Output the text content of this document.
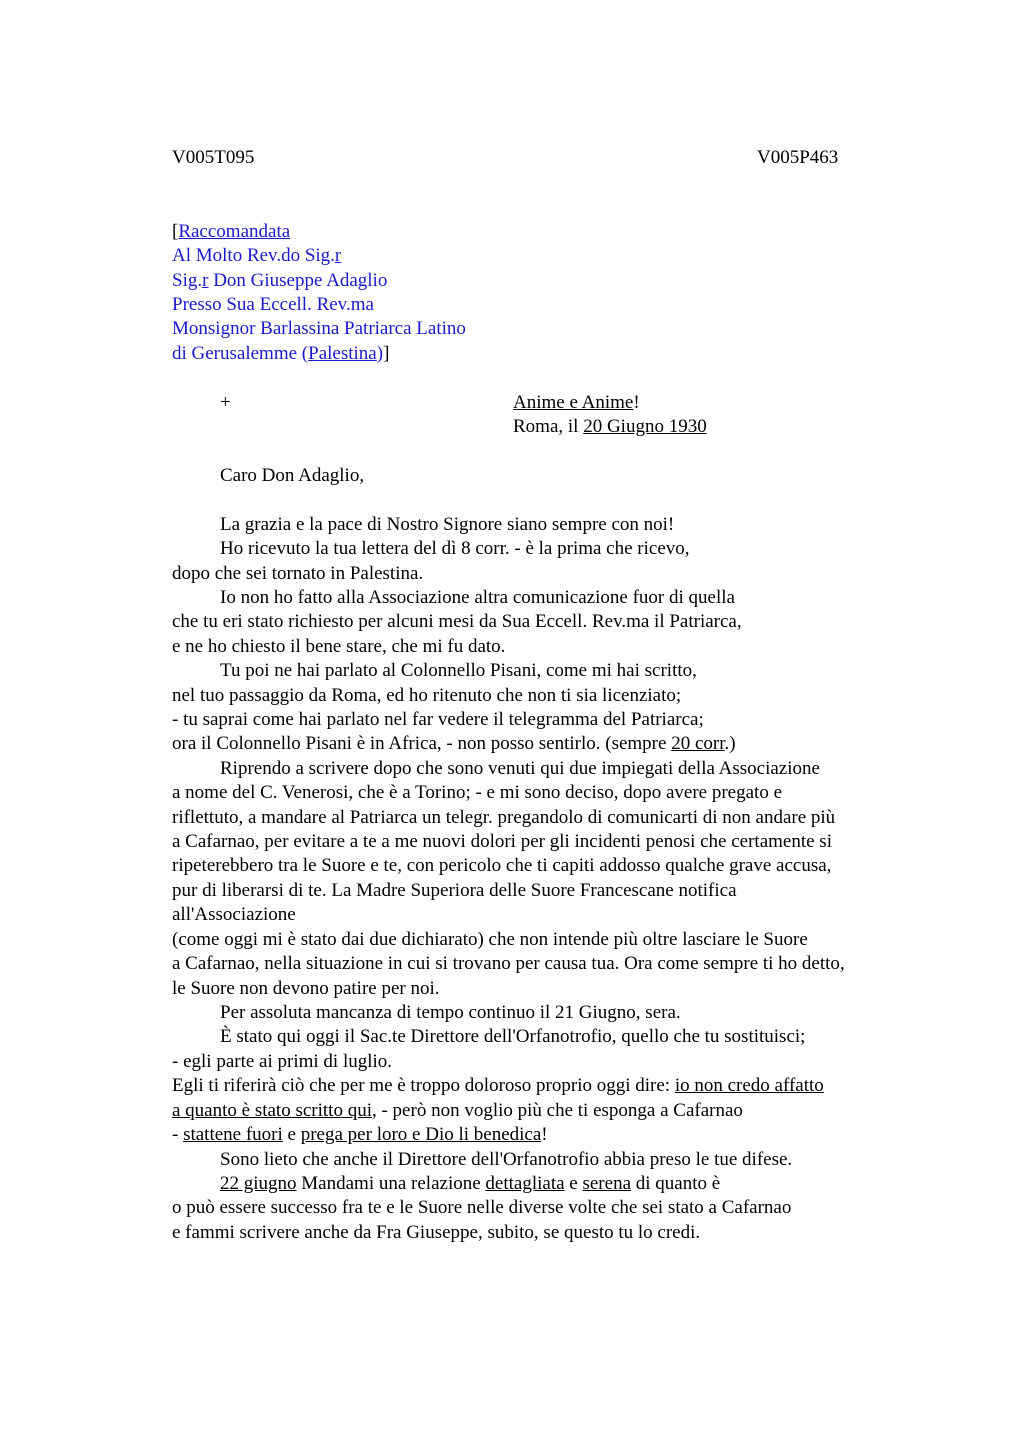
V005T095	V005P463
[Raccomandata
Al Molto Rev.do Sig.r
Sig.r Don Giuseppe Adaglio
Presso Sua Eccell. Rev.ma
Monsignor Barlassina Patriarca Latino
di Gerusalemme (Palestina)]
+	Anime e Anime!
Roma, il 20 Giugno 1930
Caro Don Adaglio,
La grazia e la pace di Nostro Signore siano sempre con noi!
Ho ricevuto la tua lettera del dì 8 corr. - è la prima che ricevo,
dopo che sei tornato in Palestina.
Io non ho fatto alla Associazione altra comunicazione fuor di quella
che tu eri stato richiesto per alcuni mesi da Sua Eccell. Rev.ma il Patriarca,
e ne ho chiesto il bene stare, che mi fu dato.
Tu poi ne hai parlato al Colonnello Pisani, come mi hai scritto,
nel tuo passaggio da Roma, ed ho ritenuto che non ti sia licenziato;
- tu saprai come hai parlato nel far vedere il telegramma del Patriarca;
ora il Colonnello Pisani è in Africa, - non posso sentirlo. (sempre 20 corr.)
Riprendo a scrivere dopo che sono venuti qui due impiegati della Associazione
a nome del C. Venerosi, che è a Torino; - e mi sono deciso, dopo avere pregato e
riflettuto, a mandare al Patriarca un telegr. pregandolo di comunicarti di non andare più
a Cafarnao, per evitare a te a me nuovi dolori per gli incidenti penosi che certamente si
ripeterebbero tra le Suore e te, con pericolo che ti capiti addosso qualche grave accusa,
pur di liberarsi di te. La Madre Superiora delle Suore Francescane notifica
all'Associazione
(come oggi mi è stato dai due dichiarato) che non intende più oltre lasciare le Suore
a Cafarnao, nella situazione in cui si trovano per causa tua. Ora come sempre ti ho detto,
le Suore non devono patire per noi.
Per assoluta mancanza di tempo continuo il 21 Giugno, sera.
È stato qui oggi il Sac.te Direttore dell'Orfanotrofio, quello che tu sostituisci;
- egli parte ai primi di luglio.
Egli ti riferirà ciò che per me è troppo doloroso proprio oggi dire: io non credo affatto
a quanto è stato scritto qui, - però non voglio più che ti esponga a Cafarnao
- stattene fuori e prega per loro e Dio li benedica!
Sono lieto che anche il Direttore dell'Orfanotrofio abbia preso le tue difese.
22 giugno Mandami una relazione dettagliata e serena di quanto è
o può essere successo fra te e le Suore nelle diverse volte che sei stato a Cafarnao
e fammi scrivere anche da Fra Giuseppe, subito, se questo tu lo credi.
